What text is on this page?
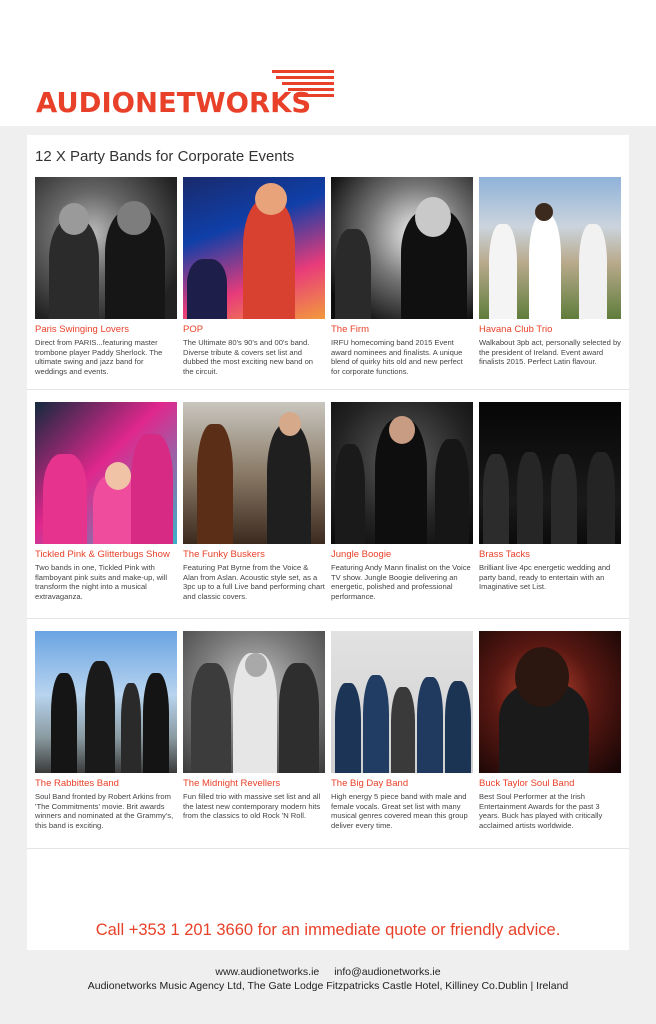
AUDIONETWORKS
12 X Party Bands for Corporate Events
Paris Swinging Lovers
Direct from PARIS...featuring master trombone player Paddy Sherlock. The ultimate swing and jazz band for weddings and events.
POP
The Ultimate 80's 90's and 00's band. Diverse tribute & covers set list and dubbed the most exciting new band on the circuit.
The Firm
IRFU homecoming band 2015 Event award nominees and finalists. A unique blend of quirky hits old and new perfect for corporate functions.
Havana Club Trio
Walkabout 3pb act, personally selected by the president of Ireland. Event award finalists 2015. Perfect Latin flavour.
Tickled Pink & Glitterbugs Show
Two bands in one, Tickled Pink with flamboyant pink suits and make-up, will transform the night into a musical extravaganza.
The Funky Buskers
Featuring Pat Byrne from the Voice & Alan from Aslan. Acoustic style set, as a 3pc up to a full Live band performing chart and classic covers.
Jungle Boogie
Featuring Andy Mann finalist on the Voice TV show. Jungle Boogie delivering an energetic, polished and professional performance.
Brass Tacks
Brilliant live 4pc energetic wedding and party band, ready to entertain with an Imaginative set List.
The Rabbittes Band
Soul Band fronted by Robert Arkins from 'The Commitments' movie. Brit awards winners and nominated at the Grammy's, this band is exciting.
The Midnight Revellers
Fun filled trio with massive set list and all the latest new contemporary modern hits from the classics to old Rock 'N Roll.
The Big Day Band
High energy 5 piece band with male and female vocals. Great set list with many musical genres covered mean this group deliver every time.
Buck Taylor Soul Band
Best Soul Performer at the Irish Entertainment Awards for the past 3 years. Buck has played with critically acclaimed artists worldwide.
Call +353 1 201 3660 for an immediate quote or friendly advice.
www.audionetworks.ie info@audionetworks.ie
Audionetworks Music Agency Ltd, The Gate Lodge Fitzpatricks Castle Hotel, Killiney Co.Dublin | Ireland
